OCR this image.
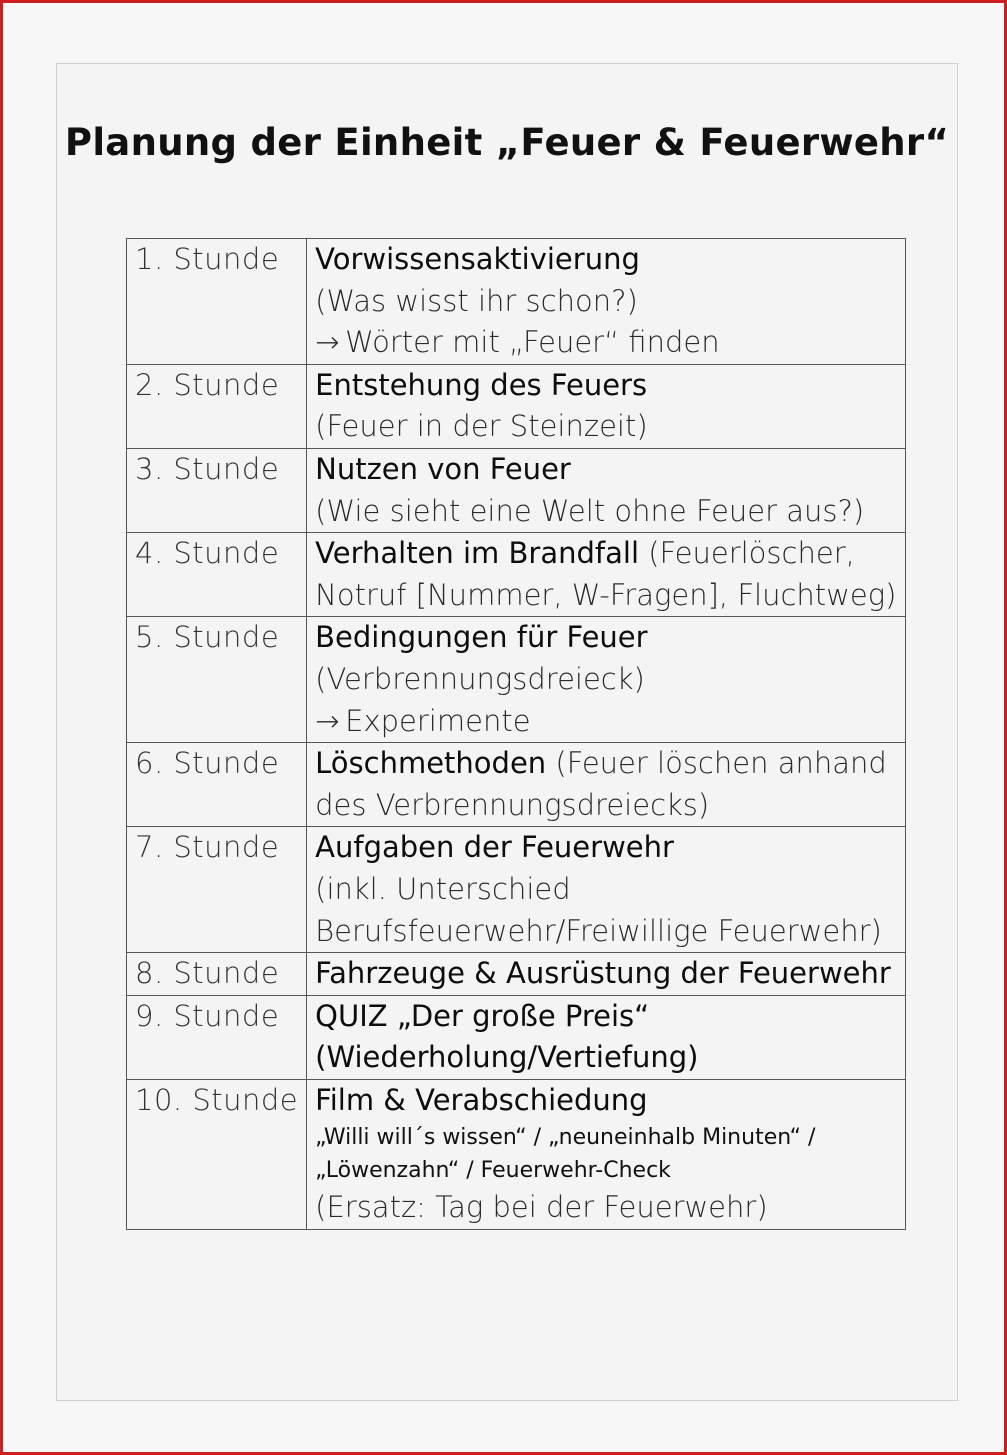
Planung der Einheit „Feuer & Feuerwehr“
1. Stunde	Vorwissensaktivierung
(Was wisst ihr schon?)
→ Wörter mit „Feuer“ finden

2. Stunde	Entstehung des Feuers
(Feuer in der Steinzeit)

3. Stunde	Nutzen von Feuer
(Wie sieht eine Welt ohne Feuer aus?)

4. Stunde	Verhalten im Brandfall (Feuerlöscher,
Notruf [Nummer, W-Fragen], Fluchtweg)

5. Stunde	Bedingungen für Feuer
(Verbrennungsdreieck)
→ Experimente

6. Stunde	Löschmethoden (Feuer löschen anhand
des Verbrennungsdreiecks)

7. Stunde	Aufgaben der Feuerwehr
(inkl. Unterschied
Berufsfeuerwehr/Freiwillige Feuerwehr)

8. Stunde	Fahrzeuge & Ausrüstung der Feuerwehr

9. Stunde	QUIZ „Der große Preis“
(Wiederholung/Vertiefung)

10. Stunde	Film & Verabschiedung
„Willi will´s wissen“ / „neuneinhalb Minuten“ /
„Löwenzahn“ / Feuerwehr-Check
(Ersatz: Tag bei der Feuerwehr)
